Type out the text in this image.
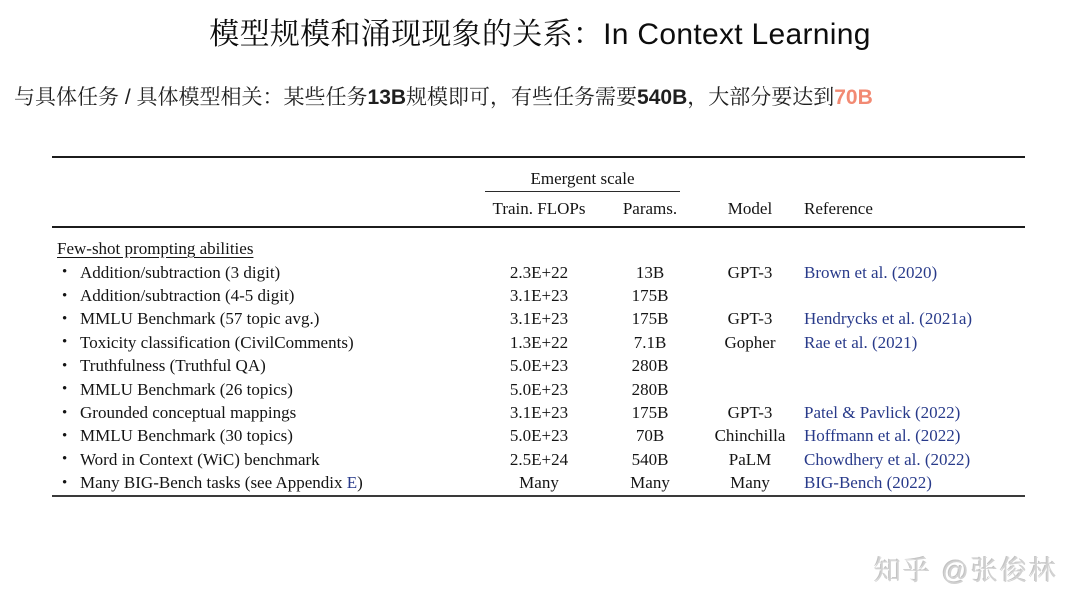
模型规模和涌现现象的关系：In Context Learning
与具体任务 / 具体模型相关：某些任务13B规模即可，有些任务需要540B，大部分要达到70B
Emergent scale
Train. FLOPs	Params.	Model	Reference
Few-shot prompting abilities
• Addition/subtraction (3 digit)	2.3E+22	13B	GPT-3	Brown et al. (2020)
• Addition/subtraction (4-5 digit)	3.1E+23	175B
• MMLU Benchmark (57 topic avg.)	3.1E+23	175B	GPT-3	Hendrycks et al. (2021a)
• Toxicity classification (CivilComments)	1.3E+22	7.1B	Gopher	Rae et al. (2021)
• Truthfulness (Truthful QA)	5.0E+23	280B
• MMLU Benchmark (26 topics)	5.0E+23	280B
• Grounded conceptual mappings	3.1E+23	175B	GPT-3	Patel & Pavlick (2022)
• MMLU Benchmark (30 topics)	5.0E+23	70B	Chinchilla	Hoffmann et al. (2022)
• Word in Context (WiC) benchmark	2.5E+24	540B	PaLM	Chowdhery et al. (2022)
• Many BIG-Bench tasks (see Appendix E)	Many	Many	Many	BIG-Bench (2022)
知乎 @张俊林
